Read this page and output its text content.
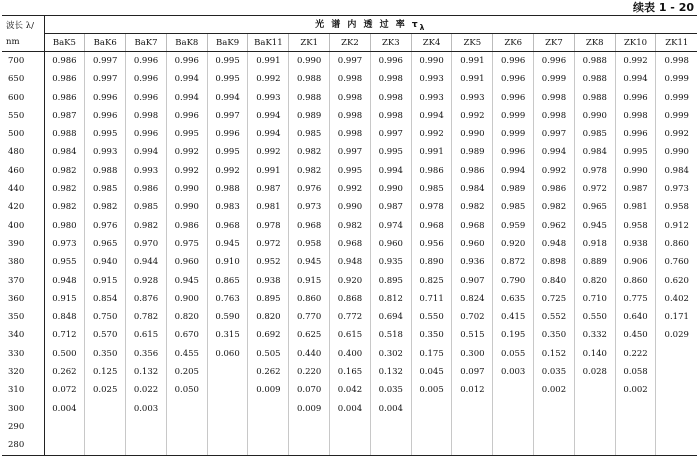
续表 1 - 20
波长 λ/	光 谱 内 透 过 率 $\tau_\lambda$

nm	BaK5	BaK6	BaK7	BaK8	BaK9	BaK11	ZK1	ZK2	ZK3	ZK4	ZK5	ZK6	ZK7	ZK8	ZK10	ZK11
700	0.986	0.997	0.996	0.996	0.995	0.991	0.990	0.997	0.996	0.990	0.991	0.996	0.996	0.988	0.992	0.998
650	0.986	0.997	0.996	0.994	0.995	0.992	0.988	0.998	0.998	0.993	0.991	0.996	0.999	0.988	0.994	0.999
600	0.986	0.996	0.996	0.994	0.994	0.993	0.988	0.998	0.998	0.993	0.993	0.996	0.998	0.988	0.996	0.999
550	0.987	0.996	0.998	0.996	0.997	0.994	0.989	0.998	0.998	0.994	0.992	0.999	0.998	0.990	0.998	0.999
500	0.988	0.995	0.996	0.995	0.996	0.994	0.985	0.998	0.997	0.992	0.990	0.999	0.997	0.985	0.996	0.992
480	0.984	0.993	0.994	0.992	0.995	0.992	0.982	0.997	0.995	0.991	0.989	0.996	0.994	0.984	0.995	0.990
460	0.982	0.988	0.993	0.992	0.992	0.991	0.982	0.995	0.994	0.986	0.986	0.994	0.992	0.978	0.990	0.984
440	0.982	0.985	0.986	0.990	0.988	0.987	0.976	0.992	0.990	0.985	0.984	0.989	0.986	0.972	0.987	0.973
420	0.982	0.982	0.985	0.990	0.983	0.981	0.973	0.990	0.987	0.978	0.982	0.985	0.982	0.965	0.981	0.958
400	0.980	0.976	0.982	0.986	0.968	0.978	0.968	0.982	0.974	0.968	0.968	0.959	0.962	0.945	0.958	0.912
390	0.973	0.965	0.970	0.975	0.945	0.972	0.958	0.968	0.960	0.956	0.960	0.920	0.948	0.918	0.938	0.860
380	0.955	0.940	0.944	0.960	0.910	0.952	0.945	0.948	0.935	0.890	0.936	0.872	0.898	0.889	0.906	0.760
370	0.948	0.915	0.928	0.945	0.865	0.938	0.915	0.920	0.895	0.825	0.907	0.790	0.840	0.820	0.860	0.620
360	0.915	0.854	0.876	0.900	0.763	0.895	0.860	0.868	0.812	0.711	0.824	0.635	0.725	0.710	0.775	0.402
350	0.848	0.750	0.782	0.820	0.590	0.820	0.770	0.772	0.694	0.550	0.702	0.415	0.552	0.550	0.640	0.171
340	0.712	0.570	0.615	0.670	0.315	0.692	0.625	0.615	0.518	0.350	0.515	0.195	0.350	0.332	0.450	0.029
330	0.500	0.350	0.356	0.455	0.060	0.505	0.440	0.400	0.302	0.175	0.300	0.055	0.152	0.140	0.222	
320	0.262	0.125	0.132	0.205		0.262	0.220	0.165	0.132	0.045	0.097	0.003	0.035	0.028	0.058	
310	0.072	0.025	0.022	0.050		0.009	0.070	0.042	0.035	0.005	0.012		0.002		0.002	
300	0.004		0.003				0.009	0.004	0.004							
290																
280																
